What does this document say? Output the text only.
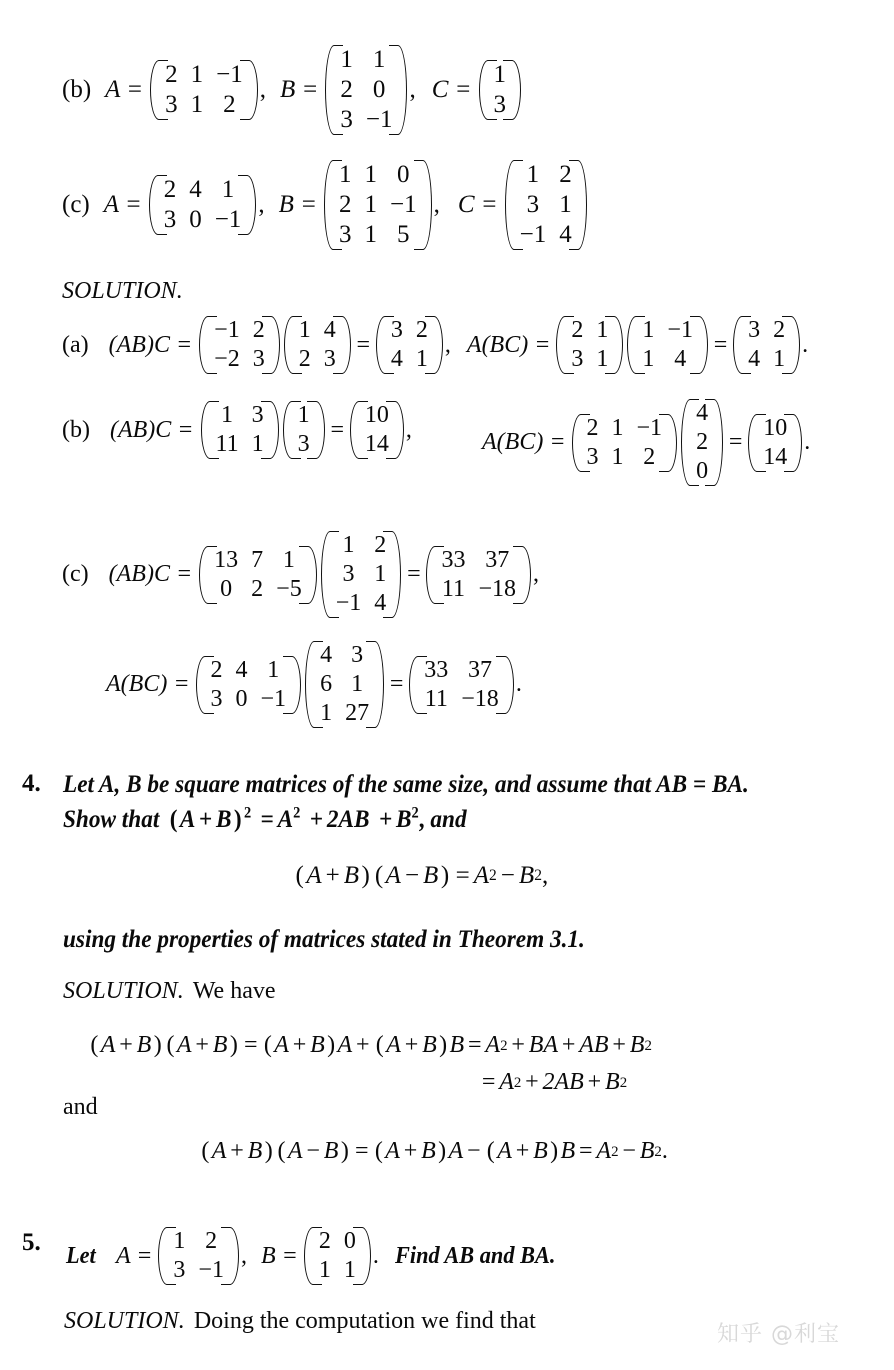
(b) A =
2 1 −1
3 1 2
, B =
1 1
2 0
3 −1
, C =
1
3
(c) A =
2 4 1
3 0 −1
, B =
1 1 0
2 1 −1
3 1 5
, C =
1 2
3 1
−1 4
SOLUTION.
(a) (AB)C =
−1 2
−2 3
1 4
2 3
=
3 2
4 1
, A(BC) =
2 1
3 1
1 −1
1 4
=
3 2
4 1
.
(b) (AB)C =
1 3
11 1
1
3
=
10
14
,	A(BC) =
2 1 −1
3 1 2
4
2
0
=
10
14
.
(c) (AB)C =
13 7 1
0 2 −5
1 2
3 1
−1 4
=
33 37
11 −18
,
A(BC) =
2 4 1
3 0 −1
4 3
6 1
1 27
=
33 37
11 −18
.
4. Let A, B be square matrices of the same size, and assume that AB = BA.
Show that (A + B) $^2 = A^2 + 2AB + B^2$, and
( A + B ) ( A − B ) = A 2 − B 2 ,
using the properties of matrices stated in Theorem 3.1.
SOLUTION. We have
( A + B ) ( A + B ) = ( A + B ) A + ( A + B ) B = A 2 + BA + AB + B 2
= A 2 + 2 AB + B 2
and
( A + B ) ( A − B ) = ( A + B ) A − ( A + B ) B = A 2 − B 2 .
5. Let A =
1 2
3 −1
, B =
2 0
1 1
. Find AB and BA.
SOLUTION. Doing the computation we find that
知乎 @利宝
